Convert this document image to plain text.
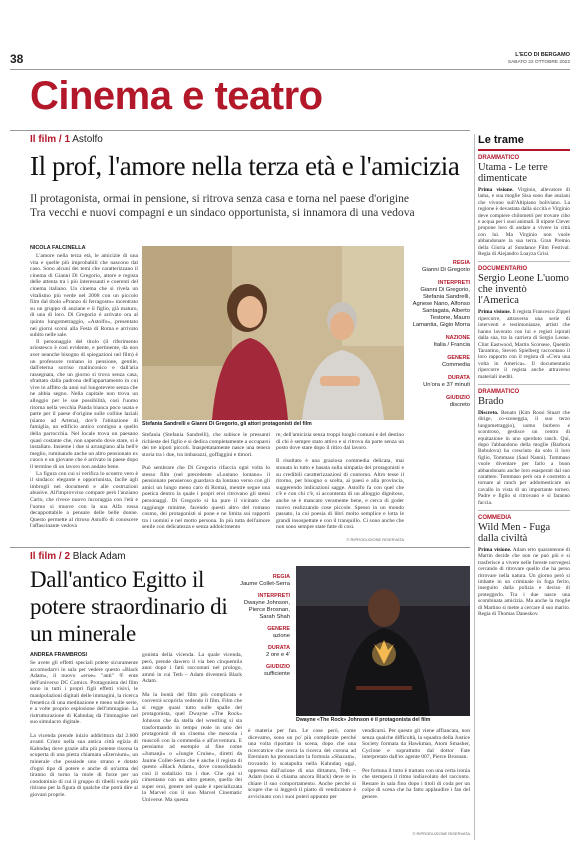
38	L'ECO DI BERGAMO
SABATO 22 OTTOBRE 2022
Cinema e teatro
Il film / 1 Astolfo
Il prof, l'amore nella terza età e l'amicizia
Il protagonista, ormai in pensione, si ritrova senza casa e torna nel paese d'origine
Tra vecchi e nuovi compagni e un sindaco opportunista, si innamora di una vedova
NICOLA FALCINELLA

L'amore nella terza età, le amicizie di una vita e quelle più improbabili che nascono dal caso. Sono alcuni dei temi che caratterizzano il cinema di Gianni Di Gregorio, attore e regista delle attenta tra i più interessanti e coerenti del cinema italiano. Un cinema che si rivela un vitalismo più verde nel 2008 con un piccolo film dal titolo «Pranzo di ferragosto» incentrato su un gruppo di anziane e il figlio, già maturo, di una di loro. Di Gregorio è arrivato ora al quinto lungometraggio, «Astolfo», presentato nei giorni scorsi alla Festa di Roma e arrivato subito nelle sale.

Il personaggio del titolo (il riferimento ariostesco è così evidente, e pertinente, da non aver neanche bisogno di spiegazioni nel film) è un professore romano in pensione, gentile, dall'eterna sorriso malinconico e dall'aria rassegnata, che un giorno si trova senza casa, sfrattato dalla padrona dell'appartamento in cui vive in affitto da anni sul lungotevere senza che ne abbia segno. Nella capitale non trova un alloggio per le sue possibilità, così l'uomo ritorna nella vecchia Panda bianca poco usata e parte per il paese d'origine sulle colline laziali (siamo ad Artena), dov'è l'abitazione di famiglia, un edificio antico contiguo a quello della parrocchia. Nel locale trova un paesano quasi costante che, non sapendo dove stare, si è installato. Insieme i due si arrangiano alla bell'e meglio, ruminando anche un altro pensionato ex cuoco e un giovane che è arrivato in paese dopo il termine di un lavoro non andato bene.

La figura con cui si verifica lo scontro vero è il sindaco: elegante e opportunista, facile agli imbrogli nei documenti e alle costruzioni abusive. All'improvviso compare però l'anziano Carlo, che rivece nuovo incoraggia con l'età e l'uomo si muove con la sua Alfa rossa decappottabile a pensare delle belle donne. Questo permette al ritroso Astolfo di conoscere l'affascinante vedova

Stefania Sandrelli e Gianni Di Gregorio, gli attori protagonisti del film
REGIA
Gianni Di Gregorio
INTERPRETI
Gianni Di Gregorio, Stefania Sandrelli, Agnese Nano, Alfonso Santagata, Alberto Testone, Mauro Lamantia, Gigio Morra
NAZIONE
Italia / Francia
GENERE
Commedia
DURATA
Un'ora e 37 minuti
GIUDIZIO
discreto
Stefania (Stefania Sandrelli), che subisce le pressanti richieste del figlio e si dedica completamente a occuparsi dei tre nipoti piccoli. Inaspettatamente nasce una tenera storia tra i due, tra imbarazzi, goffaggini e timori.

Può sembrare che Di Gregorio rifaccia ogni volta lo stesso film (nel precedente «Lontano lontano» il pensionato pensieroso guardava da lontano verso con gli amici un lungo meno caro di Roma), mentre segue una poetica dentro la quale i propri eroi ritrovano gli stessi personaggi. Di Gregorio si ha pure il vicinato che raggiunge minime, facendo questi altro del romano cosmo, dei protagonisti si pone e ne limita sui rapporti tra i uomini e nel motto persona. In più tutta dell'amore senile con delicatezza e senza addolcimento
re, dell'amicizia senza troppi luoghi comuni e del destino di chi è sempre stato attivo e si ritrova da parte senza un posto dove stare dopo il ritiro dal lavoro.

Il risultato è una graziosa commedia delicata, mai stonata in tutto e basata sulla simpatia dei protagonisti e su credibili caratterizzazioni di contorno. Altro tesse il ritorno, per bisogno o scelta, ai paesi e alla provincia, suggerendo indicazioni sagge. Astolfo fa con quel che c'è e con chi c'è, si accontenta di un alloggio dignitoso, anche se è mancato veramente bene, e cerca di goder nuovo realizzando cose piccole. Spesso in un mondo passato, la cui poesia di libri molto semplice e lotta le grandi insospettate e con il tranquillo. Ci sono anche che non sono sempre state fatte di così.
© RIPRODUZIONE RISERVATA
Il film / 2 Black Adam
Dall'antico Egitto il potere straordinario di un minerale
REGIA
Jaume Collet-Serra
INTERPRETI
Dwayne Johnson, Pierce Brosnan, Sarah Shah
GENERE
azione
DURATA
2 ore e 4'
GIUDIZIO
sufficiente
Dwayne «The Rock» Johnson è il protagonista del film
ANDREA FRAMBROSI
Se avete gli effetti speciali potete sicuramente accomodarvi in sala per vedere questo «Black Adam», il nuovo «eroe» "anti" ® ente dell'universo DC Comics. Protagonista del film sono in tutti i propri figli effetti visivi, le manipolazioni digitali delle immagini, la ricerca frenetica di una meditazione e meno sulle serie, e a volte proprio esplosione dell'immagine. La ristrutturazione di Kahndaq dà l'immagine nel suo simulacro digitale.

La vicenda prende inizio addirittura dal 2.600 avanti Cristo nella sua antica città egizia di Kahndaq dove grazie alla più potente risorsa la scoperta di una pietra chiamata «Eternium», un minerale che possiede uno strano e dotato d'ogni tipo di potere e anche di un'arma del tiranno di turno la mole di forze per un condominio di cui il gruppo di ribelli vuole più ritirano per la figura di qualche che potrà dire ai giovani proprie.
gonista della vicenda. La quale vicenda, però, prende dawero il via ben cinquemila anni dopo i fatti raccontati nel prologo, ammi in cui Teth – Adam diventerà Black Adam.

Ma la bontà del film più complicata e converrà scoprirla vedendo il film. Film che si regge quasi tutto sulle spalle del protagonista, quel Dwayne «The Rock» Johnson che da stella del wrestling si sta trasformando in tempo reale in uno dei protagonisti di un cinema che mescola i muscoli con la commedia e all'avventura. E pensiamo ad esempio al fine come «Jumanji» o «Jungle Cruise», diretti da Jaume Collet-Serra che è anche il regista di questo «Black Adam», dove consolidando così il sodalizio tra i due. Che qui si cimentano con un altro genere, quello dei super eroi, genere nel quale è specializzata la Marvel con il suo Marvel Cinematic Universe. Ma questa
è materia per fan. Le cose però, come dicevamo, sono un po' più complicate perché una volta riportato in scena, dopo che una ricercatrice che cerca la ricerca del corona ad Eternium ha pronunciato la formula «Shazam», trovando lo scatapulta nella Kahndaq oggi, oppressa dall'azione di una dittatura, Teth – Adam (non si chiama ancora Black) deve re in chiare il suo comportamento. Anche perché si scopre che si leggerà il piatto di vendicatore è avvicinato con i suoi poteri appunto per
vendicarsi. Per questo gli viene affiancata, non senza qualche difficoltà, la squadra della Justice Society formata da Hawkman, Atom Smasher, Cyclone e soprattutto dal dottor Fate interpretato dall'ex agente 007, Pierce Brosnan.

Per fortuna il tutto è trattato con una certa ironia che stempera il ritmo indiavolato del racconto. Restare in sala fino dopo i titoli di coda per un colpo di scena che ha fatto applaudire i fan del genere.
© RIPRODUZIONE RISERVATA
Le trame
DRAMMATICO
Utama - Le terre dimenticate
Prima visione. Virginio, allevatore di lama, e sua moglie Sisa sono due anziani che vivono sull'Altipiano boliviano. La regione è devastata dalla siccità e Virginio deve compiere chilometri per trovare cibo e acqua per i suoi animali. Il nipote Clever propone loro di andare a vivere in città con lui. Ma Virginio non vuole abbandonare la sua terra. Gran Premio della Giuria al Sundance Film Festival. Regia di Alejandro Loayza Grisi.
DOCUMENTARIO
Sergio Leone L'uomo che inventò l'America
Prima visione. Il regista Francesco Zippel ripercorre, attraverso una serie di interventi e testimonianze, artisti che hanno lavorato con lui e registi ispirati dalla sua, tra la carriera di Sergio Leone. Clint Eastwood, Martin Scorsese, Quentin Tarantino, Steven Spielberg raccontano il loro rapporto con il regista di «C'era una volta in America». Il documentario ripercorre il regista anche attraverso materiali inediti.
DRAMMATICO
Brado
Discreto. Renato (Kim Rossi Stuart che dirige, co-sceneggia, il suo terzo lungometraggio), uomo burbero e scontroso, gestisce un centro di equitazione in uno sperduto ranch. Qui, dopo l'abbandono della moglie (Barbora Bobulova) ha cresciuto da solo il loro figlio, Tommaso (Saul Nanni). Tommaso vuole diventare per farlo a buon abbandonato anche loro esasperati dal suo carattere. Tommaso però ora è costretto a tornare al ranch per addomesticare un cavallo in vista di un importante torneo. Padre e figlio si ritrovano e si faranno faccia.
COMMEDIA
Wild Men - Fuga dalla civiltà
Prima visione. Adam erto quarantenne di Martin decide che non ne può più e si trasferisce a vivere nelle foreste norvegesi cercando di ritrovare quello che ha perso ritrovare nella natura. Un giorno però si imbatte in un criminale in fuga ferito, inseguito dalla polizia e deciso di proteggerlo. Tra i due nasce una scombinata amicizia. Ma anche la moglie di Martino si mette a cercare il suo marito. Regia di Thomas Daneskov.
